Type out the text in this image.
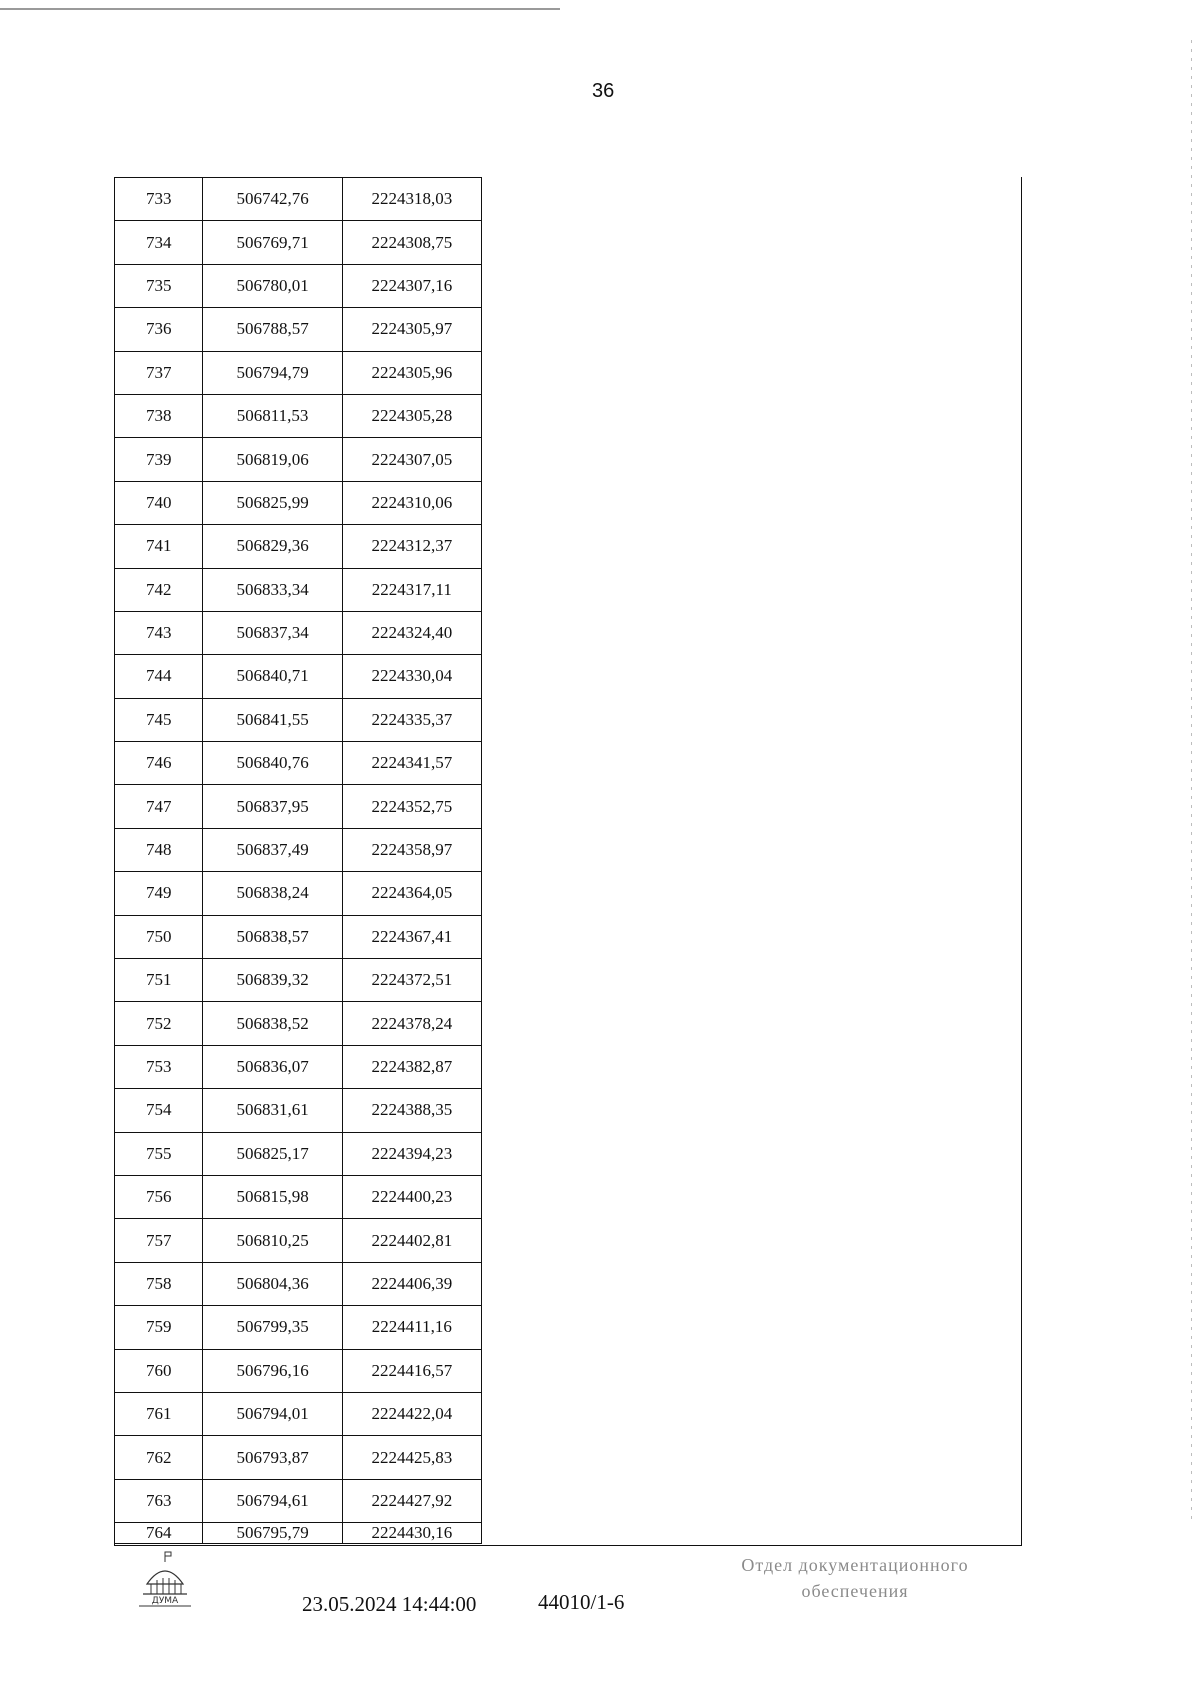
36
733	506742,76	2224318,03
734	506769,71	2224308,75
735	506780,01	2224307,16
736	506788,57	2224305,97
737	506794,79	2224305,96
738	506811,53	2224305,28
739	506819,06	2224307,05
740	506825,99	2224310,06
741	506829,36	2224312,37
742	506833,34	2224317,11
743	506837,34	2224324,40
744	506840,71	2224330,04
745	506841,55	2224335,37
746	506840,76	2224341,57
747	506837,95	2224352,75
748	506837,49	2224358,97
749	506838,24	2224364,05
750	506838,57	2224367,41
751	506839,32	2224372,51
752	506838,52	2224378,24
753	506836,07	2224382,87
754	506831,61	2224388,35
755	506825,17	2224394,23
756	506815,98	2224400,23
757	506810,25	2224402,81
758	506804,36	2224406,39
759	506799,35	2224411,16
760	506796,16	2224416,57
761	506794,01	2224422,04
762	506793,87	2224425,83
763	506794,61	2224427,92
764	506795,79	2224430,16
ДУМА	23.05.2024 14:44:00	44010/1-6
Отдел документационного
обеспечения
